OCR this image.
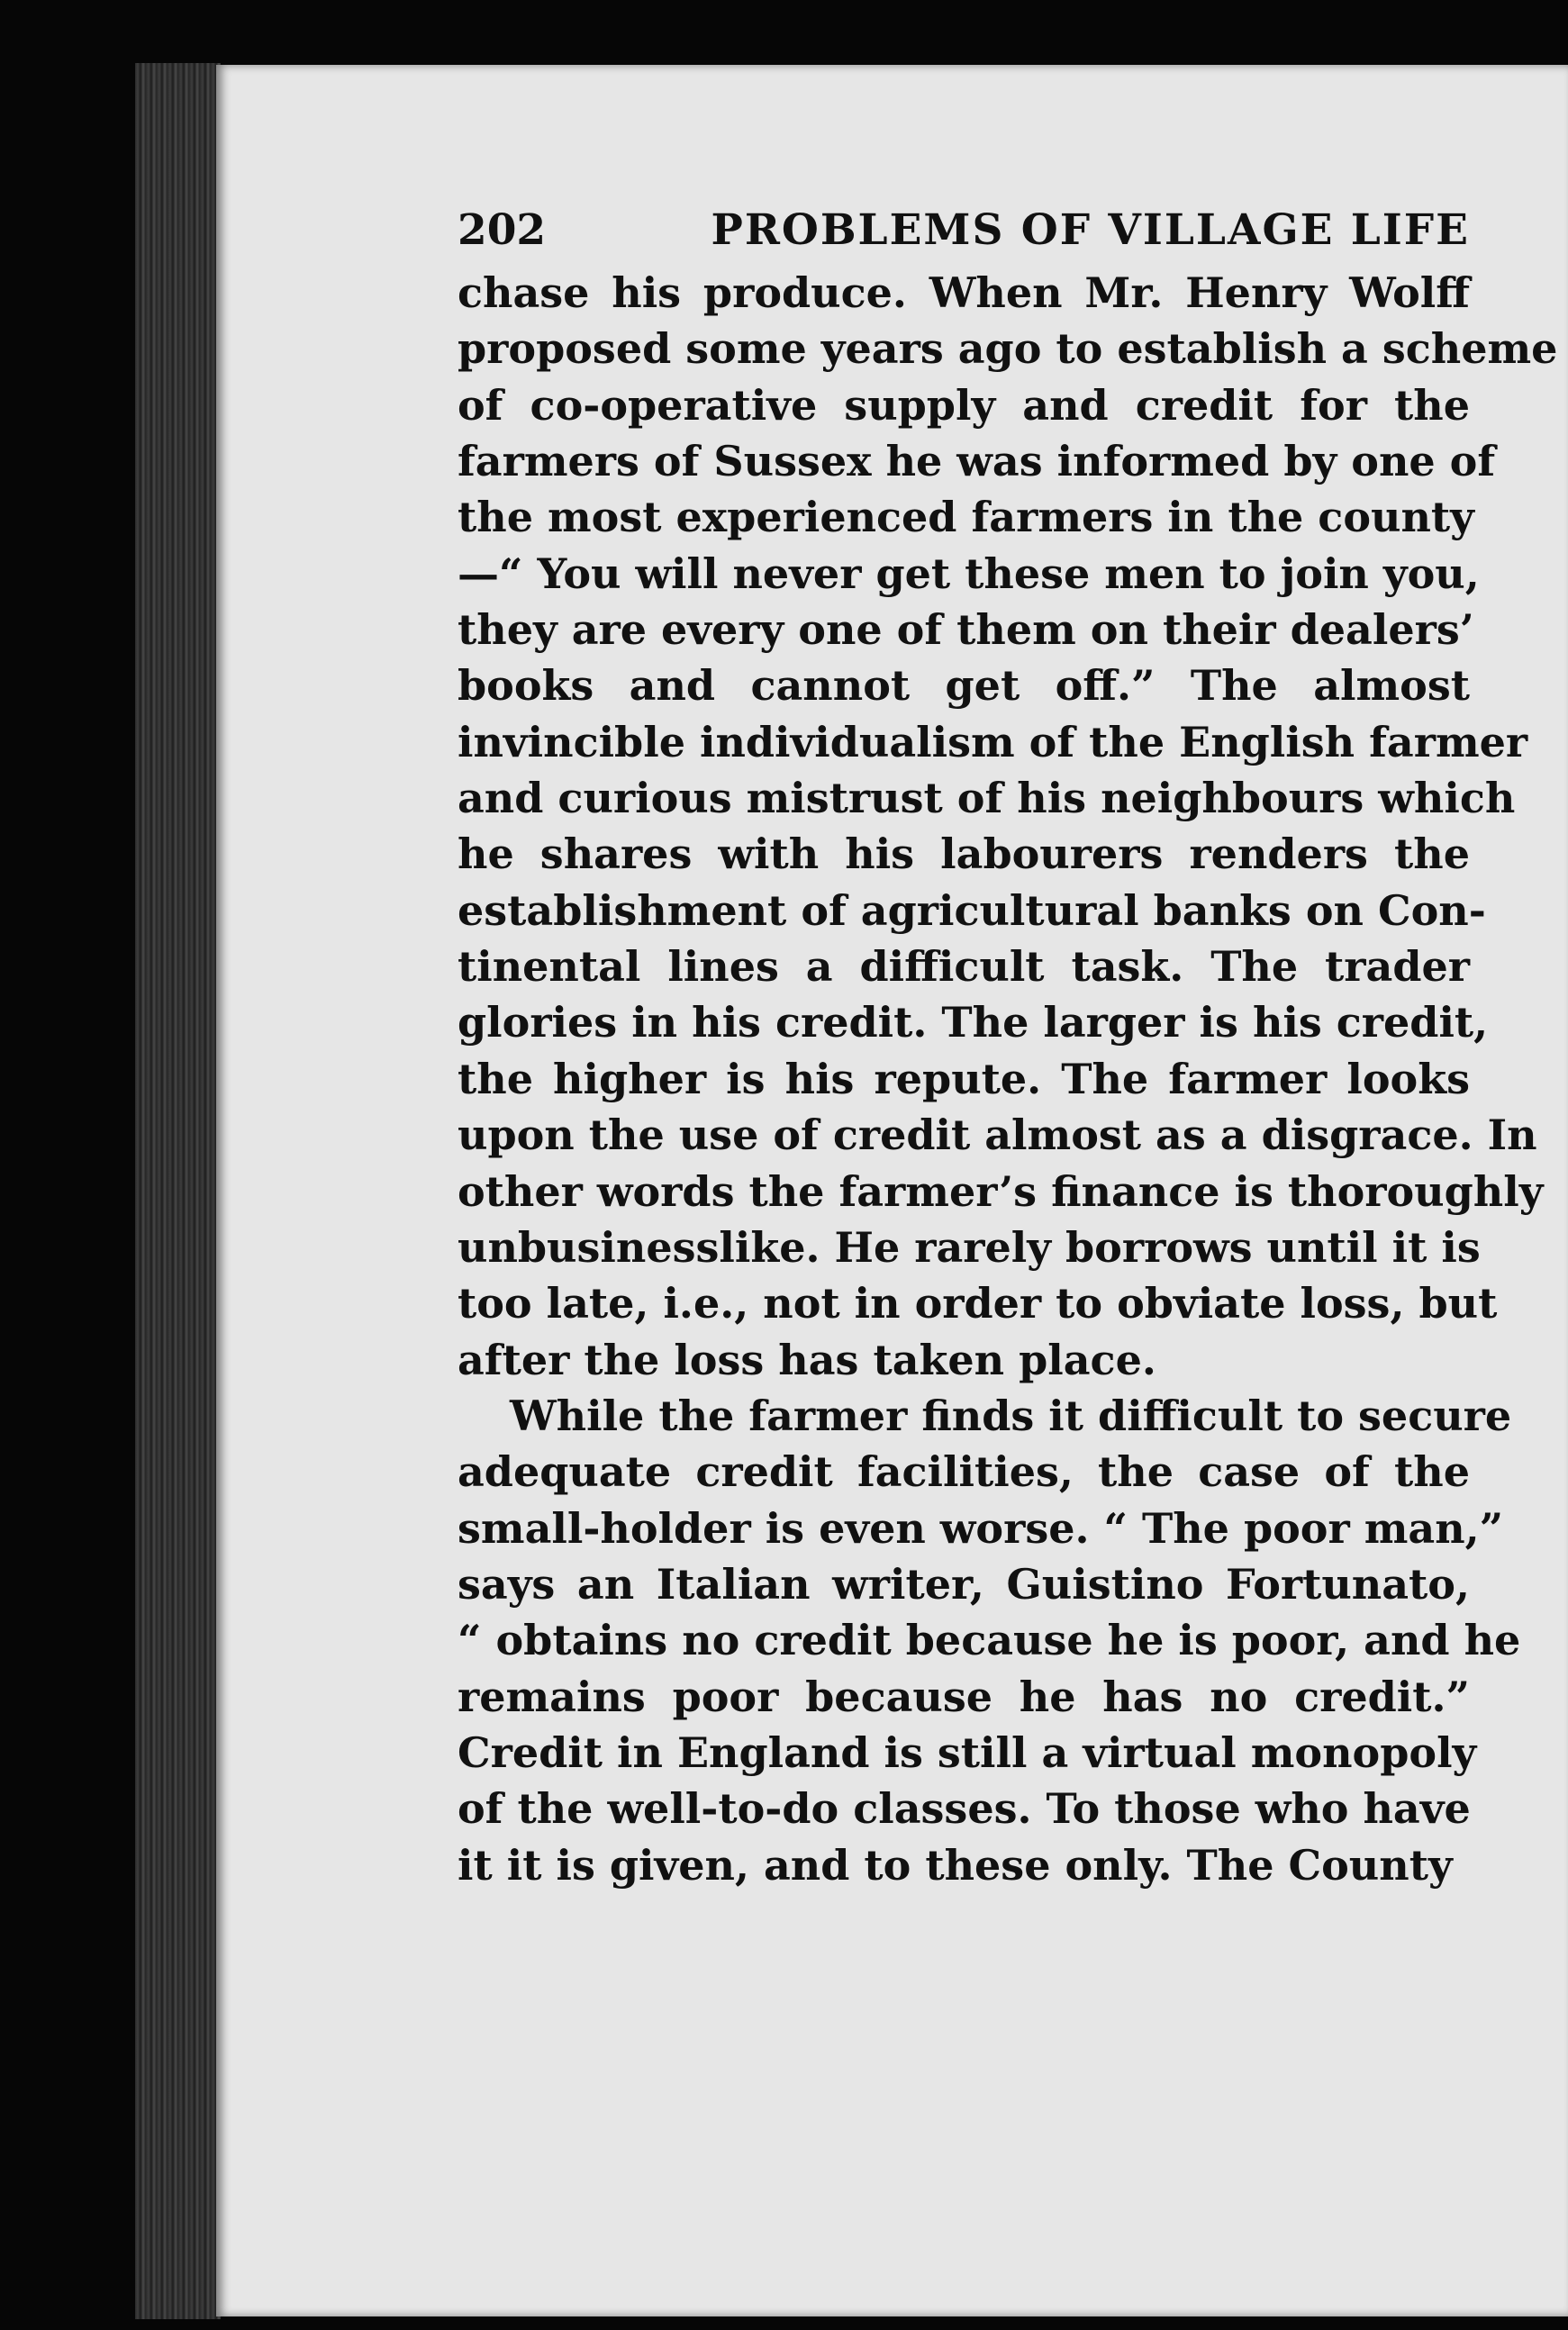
202	PROBLEMS OF VILLAGE LIFE
chase his produce. When Mr. Henry Wolff
proposed some years ago to establish a scheme
of co-operative supply and credit for the
farmers of Sussex he was informed by one of
the most experienced farmers in the county
—“ You will never get these men to join you,
they are every one of them on their dealers’
books and cannot get off.” The almost
invincible individualism of the English farmer
and curious mistrust of his neighbours which
he shares with his labourers renders the
establishment of agricultural banks on Con-
tinental lines a difficult task. The trader
glories in his credit. The larger is his credit,
the higher is his repute. The farmer looks
upon the use of credit almost as a disgrace. In
other words the farmer’s finance is thoroughly
unbusinesslike. He rarely borrows until it is
too late, i.e., not in order to obviate loss, but
after the loss has taken place.
While the farmer finds it difficult to secure
adequate credit facilities, the case of the
small-holder is even worse. “ The poor man,”
says an Italian writer, Guistino Fortunato,
“ obtains no credit because he is poor, and he
remains poor because he has no credit.”
Credit in England is still a virtual monopoly
of the well-to-do classes. To those who have
it it is given, and to these only. The County
